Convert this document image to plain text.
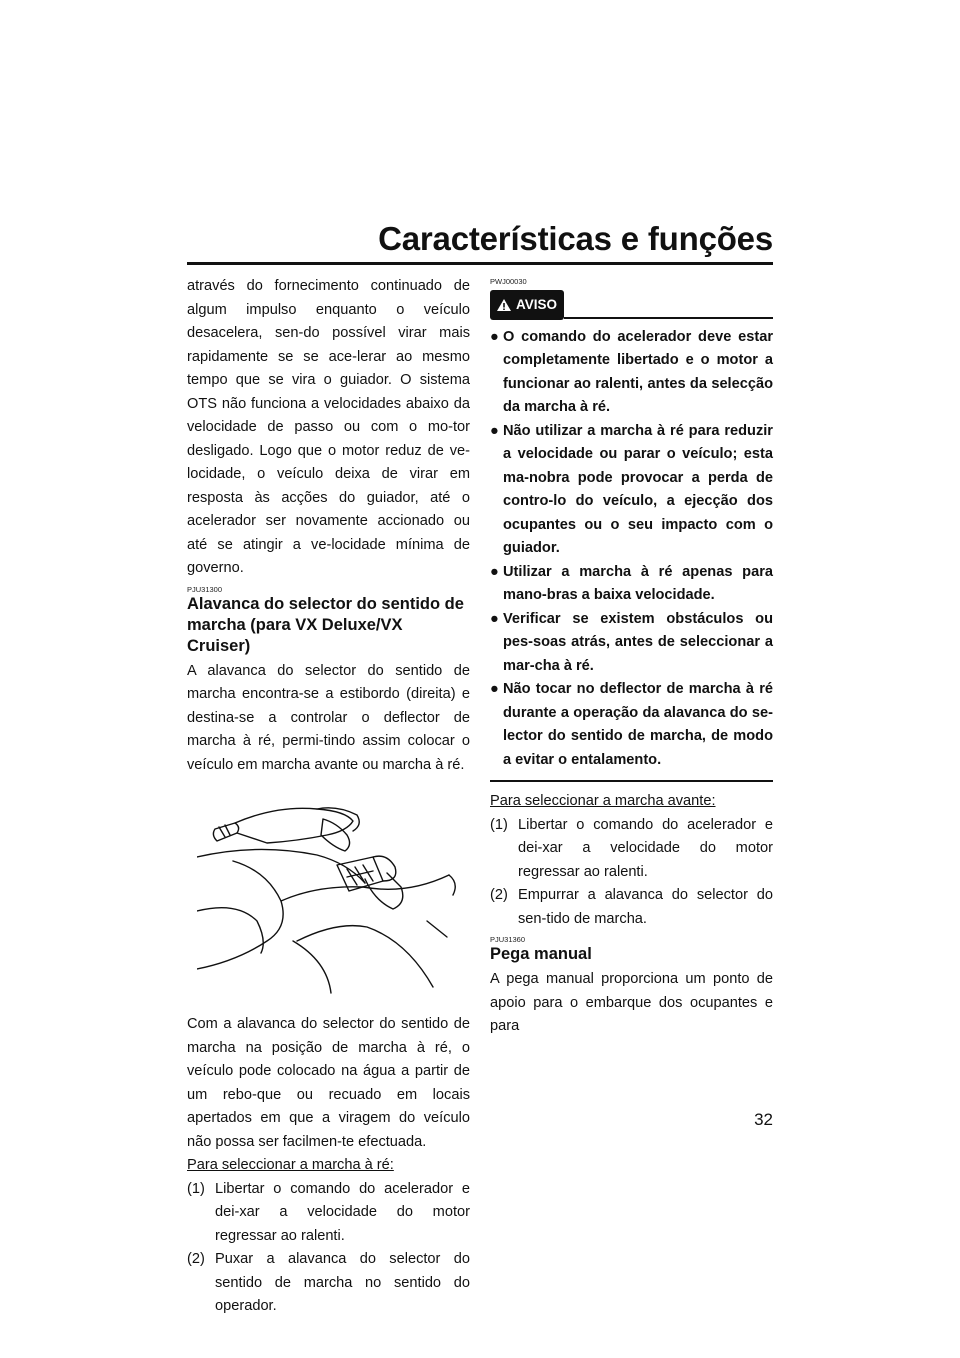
Características e funções

através do fornecimento continuado de algum impulso enquanto o veículo desacelera, sen-do possível virar mais rapidamente se se ace-lerar ao mesmo tempo que se vira o guiador. O sistema OTS não funciona a velocidades abaixo da velocidade de passo ou com o mo-tor desligado. Logo que o motor reduz de ve-locidade, o veículo deixa de virar em resposta às acções do guiador, até o acelerador ser novamente accionado ou até se atingir a ve-locidade mínima de governo.

PJU31300
Alavanca do selector do sentido de marcha (para VX Deluxe/VX Cruiser)

A alavanca do selector do sentido de marcha encontra-se a estibordo (direita) e destina-se a controlar o deflector de marcha à ré, permi-tindo assim colocar o veículo em marcha avante ou marcha à ré.

Com a alavanca do selector do sentido de marcha na posição de marcha à ré, o veículo pode colocado na água a partir de um rebo-que ou recuado em locais apertados em que a viragem do veículo não possa ser facilmen-te efectuada.

Para seleccionar a marcha à ré:
(1) Libertar o comando do acelerador e dei-xar a velocidade do motor regressar ao ralenti.
(2) Puxar a alavanca do selector do sentido de marcha no sentido do operador.
PWJ00030
AVISO
● O comando do acelerador deve estar completamente libertado e o motor a funcionar ao ralenti, antes da selecção da marcha à ré.
● Não utilizar a marcha à ré para reduzir a velocidade ou parar o veículo; esta ma-nobra pode provocar a perda de contro-lo do veículo, a ejecção dos ocupantes ou o seu impacto com o guiador.
● Utilizar a marcha à ré apenas para mano-bras a baixa velocidade.
● Verificar se existem obstáculos ou pes-soas atrás, antes de seleccionar a mar-cha à ré.
● Não tocar no deflector de marcha à ré durante a operação da alavanca do se-lector do sentido de marcha, de modo a evitar o entalamento.
Para seleccionar a marcha avante:
(1) Libertar o comando do acelerador e dei-xar a velocidade do motor regressar ao ralenti.
(2) Empurrar a alavanca do selector do sen-tido de marcha.
PJU31360
Pega manual

A pega manual proporciona um ponto de apoio para o embarque dos ocupantes e para

32
